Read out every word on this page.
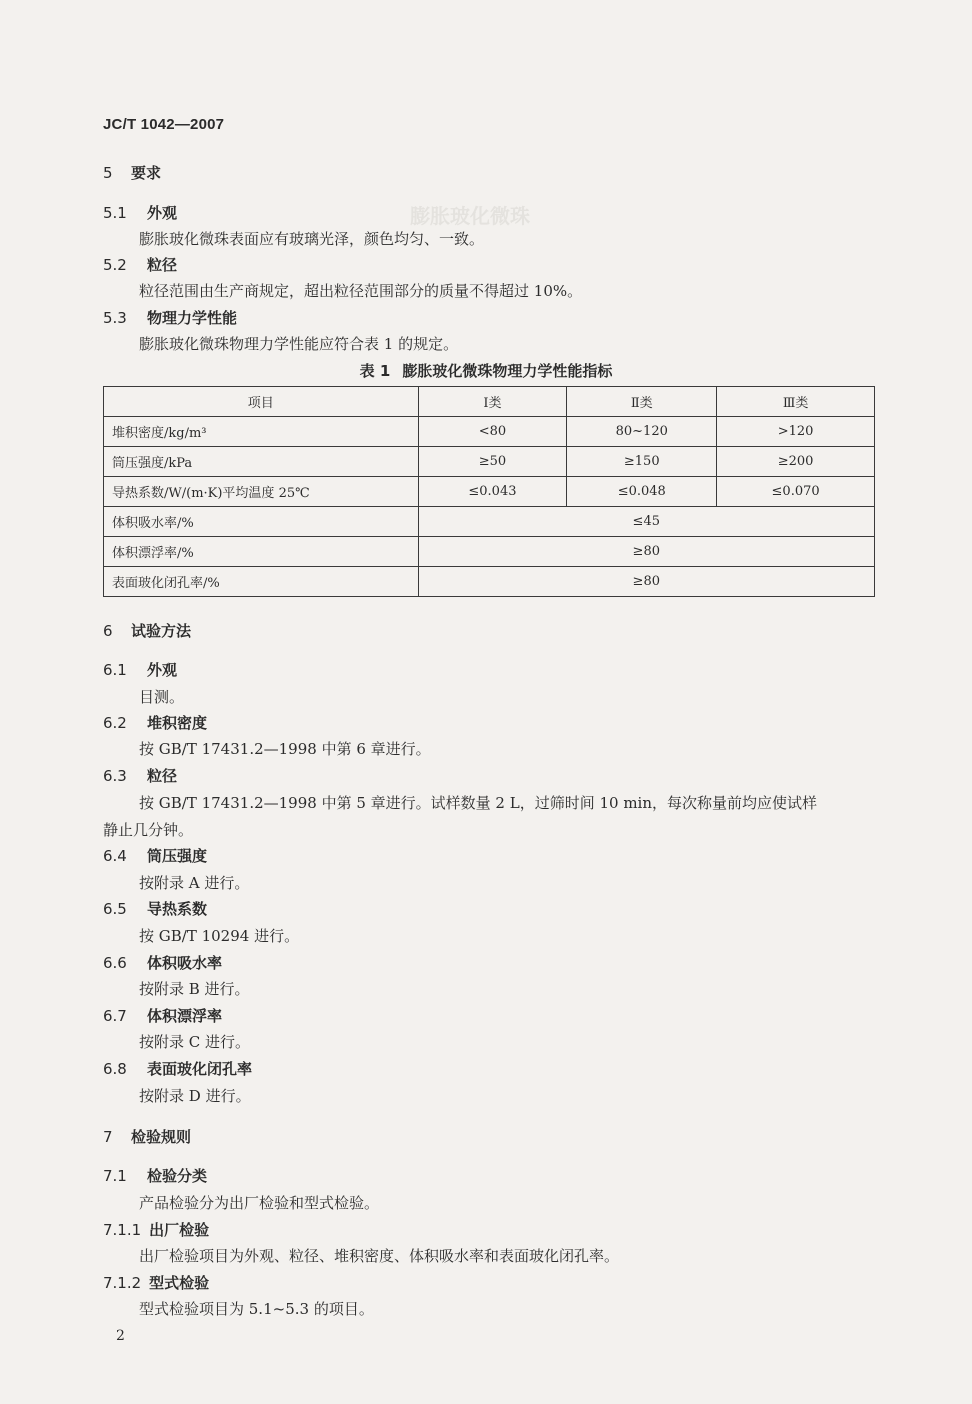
膨胀玻化微珠
JC/T 1042—2007
5 要求
5.1 外观
膨胀玻化微珠表面应有玻璃光泽，颜色均匀、一致。
5.2 粒径
粒径范围由生产商规定，超出粒径范围部分的质量不得超过 10%。
5.3 物理力学性能
膨胀玻化微珠物理力学性能应符合表 1 的规定。
表 1 膨胀玻化微珠物理力学性能指标
项目	Ⅰ类	Ⅱ类	Ⅲ类
堆积密度/kg/m³	<80	80~120	>120
筒压强度/kPa	≥50	≥150	≥200
导热系数/W/(m·K)平均温度 25℃	≤0.043	≤0.048	≤0.070
体积吸水率/%	≤45		
体积漂浮率/%	≥80		
表面玻化闭孔率/%	≥80		
6 试验方法
6.1 外观
目测。
6.2 堆积密度
按 GB/T 17431.2—1998 中第 6 章进行。
6.3 粒径
按 GB/T 17431.2—1998 中第 5 章进行。试样数量 2 L，过筛时间 10 min，每次称量前均应使试样
静止几分钟。
6.4 筒压强度
按附录 A 进行。
6.5 导热系数
按 GB/T 10294 进行。
6.6 体积吸水率
按附录 B 进行。
6.7 体积漂浮率
按附录 C 进行。
6.8 表面玻化闭孔率
按附录 D 进行。
7 检验规则
7.1 检验分类
产品检验分为出厂检验和型式检验。
7.1.1 出厂检验
出厂检验项目为外观、粒径、堆积密度、体积吸水率和表面玻化闭孔率。
7.1.2 型式检验
型式检验项目为 5.1~5.3 的项目。
2
